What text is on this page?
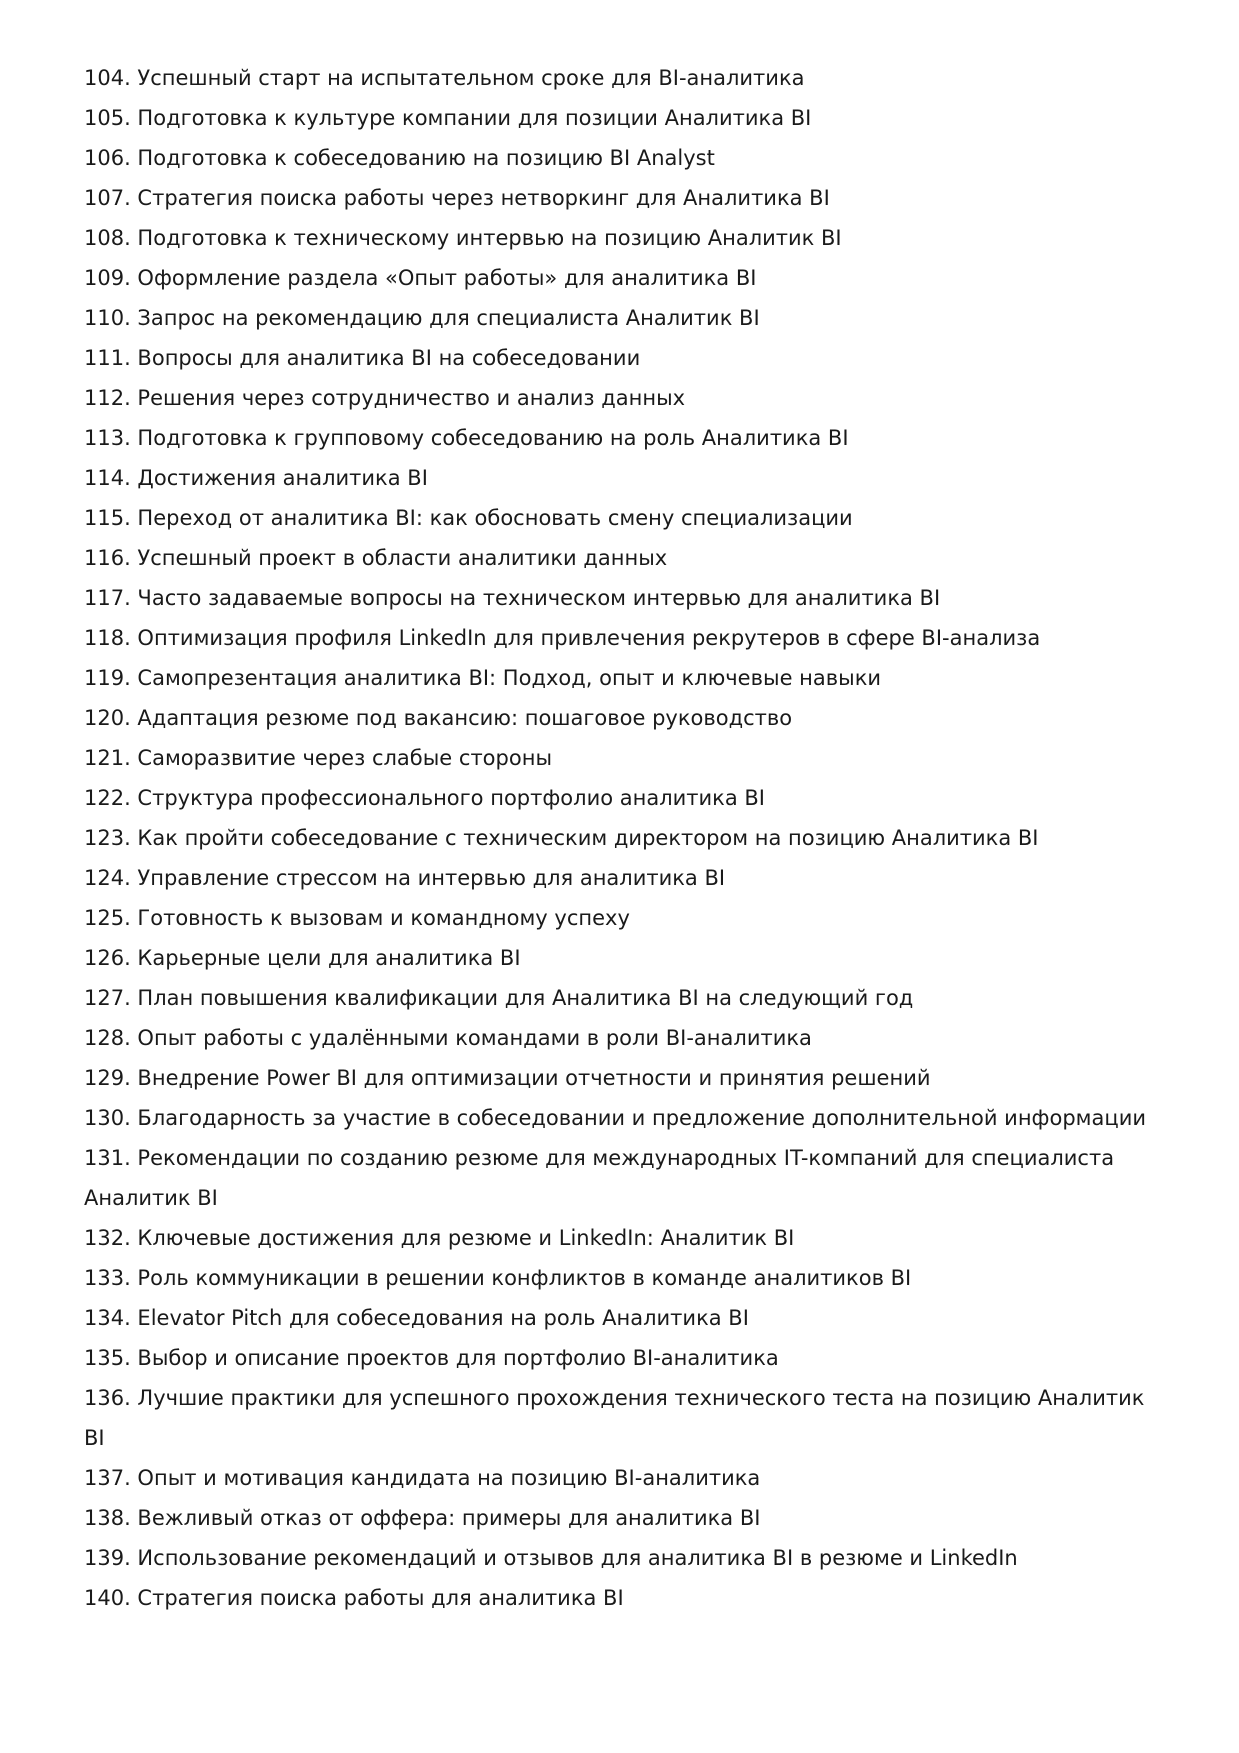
104. Успешный старт на испытательном сроке для BI-аналитика
105. Подготовка к культуре компании для позиции Аналитика BI
106. Подготовка к собеседованию на позицию BI Analyst
107. Стратегия поиска работы через нетворкинг для Аналитика BI
108. Подготовка к техническому интервью на позицию Аналитик BI
109. Оформление раздела «Опыт работы» для аналитика BI
110. Запрос на рекомендацию для специалиста Аналитик BI
111. Вопросы для аналитика BI на собеседовании
112. Решения через сотрудничество и анализ данных
113. Подготовка к групповому собеседованию на роль Аналитика BI
114. Достижения аналитика BI
115. Переход от аналитика BI: как обосновать смену специализации
116. Успешный проект в области аналитики данных
117. Часто задаваемые вопросы на техническом интервью для аналитика BI
118. Оптимизация профиля LinkedIn для привлечения рекрутеров в сфере BI-анализа
119. Самопрезентация аналитика BI: Подход, опыт и ключевые навыки
120. Адаптация резюме под вакансию: пошаговое руководство
121. Саморазвитие через слабые стороны
122. Структура профессионального портфолио аналитика BI
123. Как пройти собеседование с техническим директором на позицию Аналитика BI
124. Управление стрессом на интервью для аналитика BI
125. Готовность к вызовам и командному успеху
126. Карьерные цели для аналитика BI
127. План повышения квалификации для Аналитика BI на следующий год
128. Опыт работы с удалёнными командами в роли BI-аналитика
129. Внедрение Power BI для оптимизации отчетности и принятия решений
130. Благодарность за участие в собеседовании и предложение дополнительной информации
131. Рекомендации по созданию резюме для международных IT-компаний для специалиста Аналитик BI
132. Ключевые достижения для резюме и LinkedIn: Аналитик BI
133. Роль коммуникации в решении конфликтов в команде аналитиков BI
134. Elevator Pitch для собеседования на роль Аналитика BI
135. Выбор и описание проектов для портфолио BI-аналитика
136. Лучшие практики для успешного прохождения технического теста на позицию Аналитик BI
137. Опыт и мотивация кандидата на позицию BI-аналитика
138. Вежливый отказ от оффера: примеры для аналитика BI
139. Использование рекомендаций и отзывов для аналитика BI в резюме и LinkedIn
140. Стратегия поиска работы для аналитика BI
